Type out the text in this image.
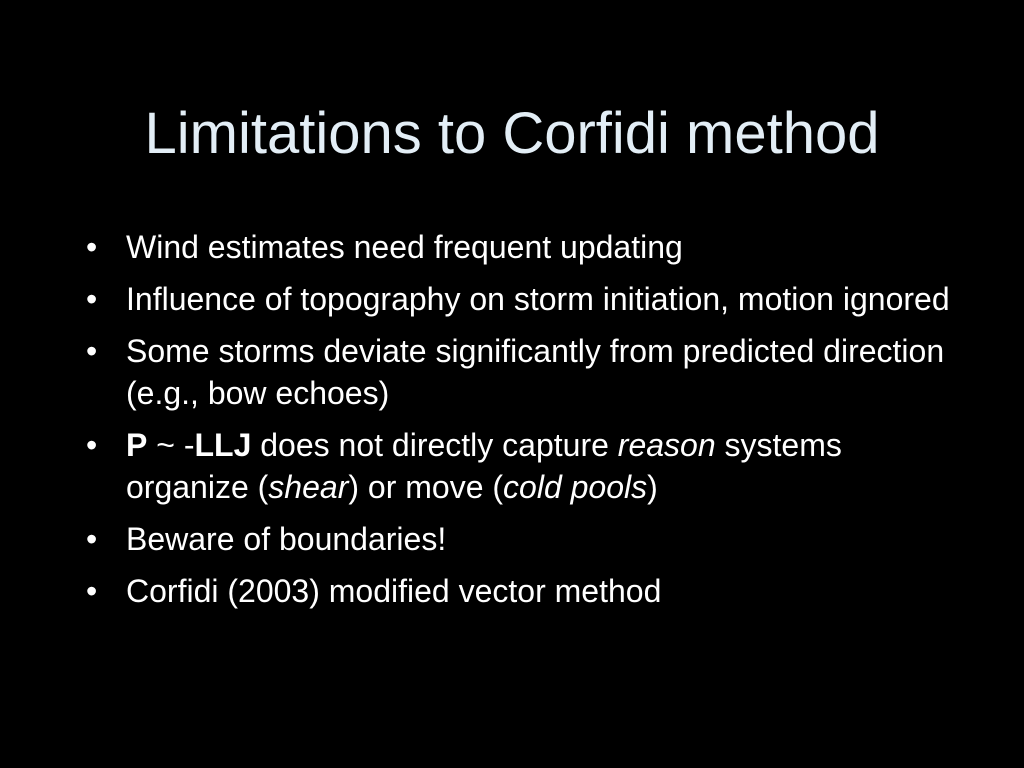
Limitations to Corfidi method
• Wind estimates need frequent updating
• Influence of topography on storm initiation, motion ignored
• Some storms deviate significantly from predicted direction (e.g., bow echoes)
• P ~ -LLJ does not directly capture reason systems organize (shear) or move (cold pools)
• Beware of boundaries!
• Corfidi (2003) modified vector method
